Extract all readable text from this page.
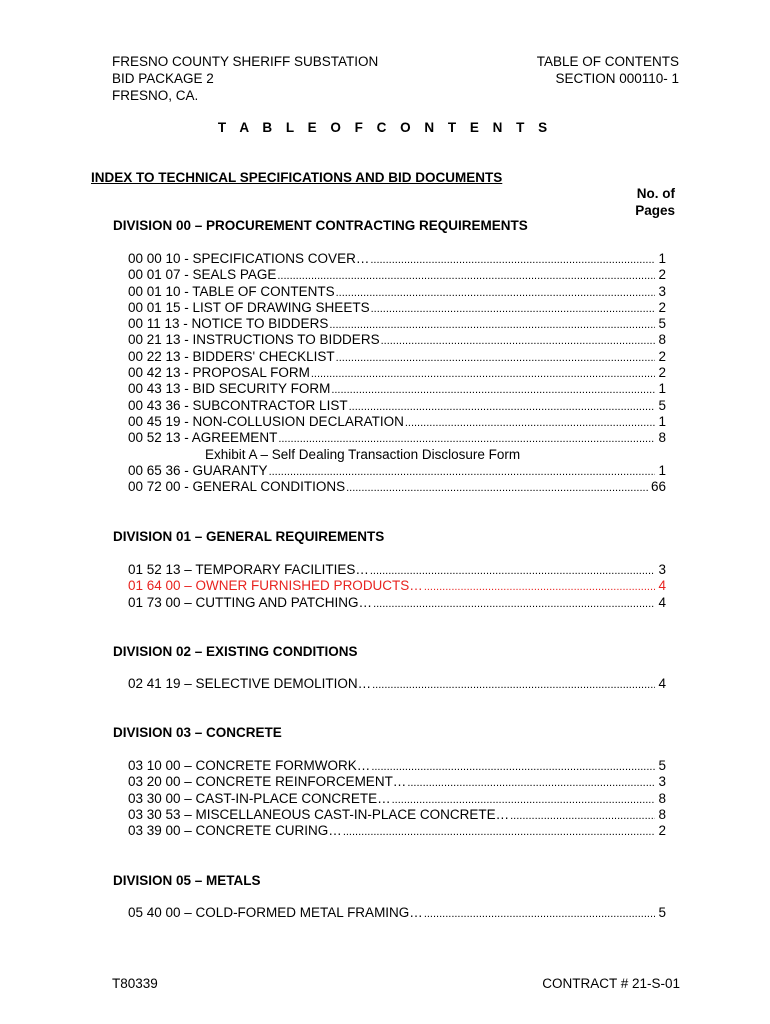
FRESNO COUNTY SHERIFF SUBSTATION
BID PACKAGE 2
FRESNO, CA.
TABLE OF CONTENTS
SECTION 000110- 1
T A B L E O F C O N T E N T S
INDEX TO TECHNICAL SPECIFICATIONS AND BID DOCUMENTS
No. of
Pages
DIVISION 00 – PROCUREMENT CONTRACTING REQUIREMENTS
00 00 10 - SPECIFICATIONS COVER… .....	1
00 01 07 - SEALS PAGE .....	2
00 01 10 - TABLE OF CONTENTS .....	3
00 01 15 - LIST OF DRAWING SHEETS .....	2
00 11 13 - NOTICE TO BIDDERS .....	5
00 21 13 - INSTRUCTIONS TO BIDDERS .....	8
00 22 13 - BIDDERS' CHECKLIST .....	2
00 42 13 - PROPOSAL FORM .....	2
00 43 13 - BID SECURITY FORM .....	1
00 43 36 - SUBCONTRACTOR LIST .....	5
00 45 19 - NON-COLLUSION DECLARATION .....	1
00 52 13 - AGREEMENT .....	8
Exhibit A – Self Dealing Transaction Disclosure Form
00 65 36 - GUARANTY .....	1
00 72 00 - GENERAL CONDITIONS .....	66
DIVISION 01 – GENERAL REQUIREMENTS
01 52 13 – TEMPORARY FACILITIES… .....	3
01 64 00 – OWNER FURNISHED PRODUCTS… .....	4
01 73 00 – CUTTING AND PATCHING… .....	4
DIVISION 02 – EXISTING CONDITIONS
02 41 19 – SELECTIVE DEMOLITION… .....	4
DIVISION 03 – CONCRETE
03 10 00 – CONCRETE FORMWORK… .....	5
03 20 00 – CONCRETE REINFORCEMENT… .....	3
03 30 00 – CAST-IN-PLACE CONCRETE… .....	8
03 30 53 – MISCELLANEOUS CAST-IN-PLACE CONCRETE… .....	8
03 39 00 – CONCRETE CURING… .....	2
DIVISION 05 – METALS
05 40 00 – COLD-FORMED METAL FRAMING… .....	5
T80339	CONTRACT # 21-S-01
